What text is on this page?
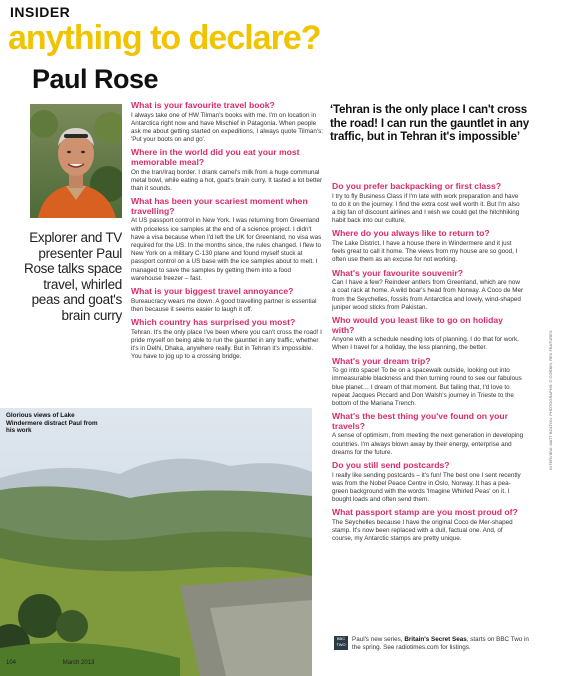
INSIDER
anything to declare?
Paul Rose
Explorer and TV presenter Paul Rose talks space travel, whirled peas and goat's brain curry
What is your favourite travel book?
I always take one of HW Tilman's books with me. I'm on location in Antarctica right now and have Mischief in Patagonia. When people ask me about getting started on expeditions, I always quote Tilman's: 'Put your boots on and go'.
Where in the world did you eat your most memorable meal?
On the Iran/Iraq border. I drank camel's milk from a huge communal metal bowl, while eating a hot, goat's brain curry. It tasted a lot better than it sounds.
What has been your scariest moment when travelling?
At US passport control in New York. I was returning from Greenland with priceless ice samples at the end of a science project. I didn't have a visa because when I'd left the UK for Greenland, no visa was required for the US. In the months since, the rules changed. I flew to New York on a military C-130 plane and found myself stuck at passport control on a US base with the ice samples about to melt. I managed to save the samples by getting them into a food warehouse freezer – fast.
What is your biggest travel annoyance?
Bureaucracy wears me down. A good travelling partner is essential then because it seems easier to laugh it off.
Which country has surprised you most?
Tehran. It's the only place I've been where you can't cross the road! I pride myself on being able to run the gauntlet in any traffic, whether it's in Delhi, Dhaka, anywhere really. But in Tehran it's impossible. You have to jog up to a crossing bridge.
‘Tehran is the only place I can't cross the road! I can run the gauntlet in any traffic, but in Tehran it's impossible’
Do you prefer backpacking or first class?
I try to fly Business Class if I'm late with work preparation and have to do it on the journey. I find the extra cost well worth it. But I'm also a big fan of discount airlines and I wish we could get the hitchhiking habit back into our culture.
Where do you always like to return to?
The Lake District. I have a house there in Windermere and it just feels great to call it home. The views from my house are so good, I often use them as an excuse for not working.
What's your favourite souvenir?
Can I have a few? Reindeer antlers from Greenland, which are now a coat rack at home. A wild boar's head from Norway. A Coco de Mer from the Seychelles, fossils from Antarctica and lovely, wind-shaped juniper wood sticks from Pakistan.
Who would you least like to go on holiday with?
Anyone with a schedule needing lots of planning. I do that for work. When I travel for a holiday, the less planning, the better.
What's your dream trip?
To go into space! To be on a spacewalk outside, looking out into immeasurable blackness and then turning round to see our fabulous blue planet… I dream of that moment. But failing that, I'd love to repeat Jacques Piccard and Don Walsh's journey in Trieste to the bottom of the Mariana Trench.
What's the best thing you've found on your travels?
A sense of optimism, from meeting the next generation in developing countries. I'm always blown away by their energy, enterprise and dreams for the future.
Do you still send postcards?
I really like sending postcards – it's fun! The best one I sent recently was from the Nobel Peace Centre in Oslo, Norway. It has a pea-green background with the words 'Imagine Whirled Peas' on it. I bought loads and often send them.
What passport stamp are you most proud of?
The Seychelles because I have the original Coco de Mer-shaped stamp. It's now been replaced with a dull, factual one. And, of course, my Antarctic stamps are pretty unique.
Glorious views of Lake Windermere distract Paul from his work
104	March 2013
INTERVIEW: MATT BOLTON. PHOTOGRAPHS: © CORBIS; REX FEATURES
BBC TWO
Paul's new series, Britain's Secret Seas, starts on BBC Two in the spring. See radiotimes.com for listings.
